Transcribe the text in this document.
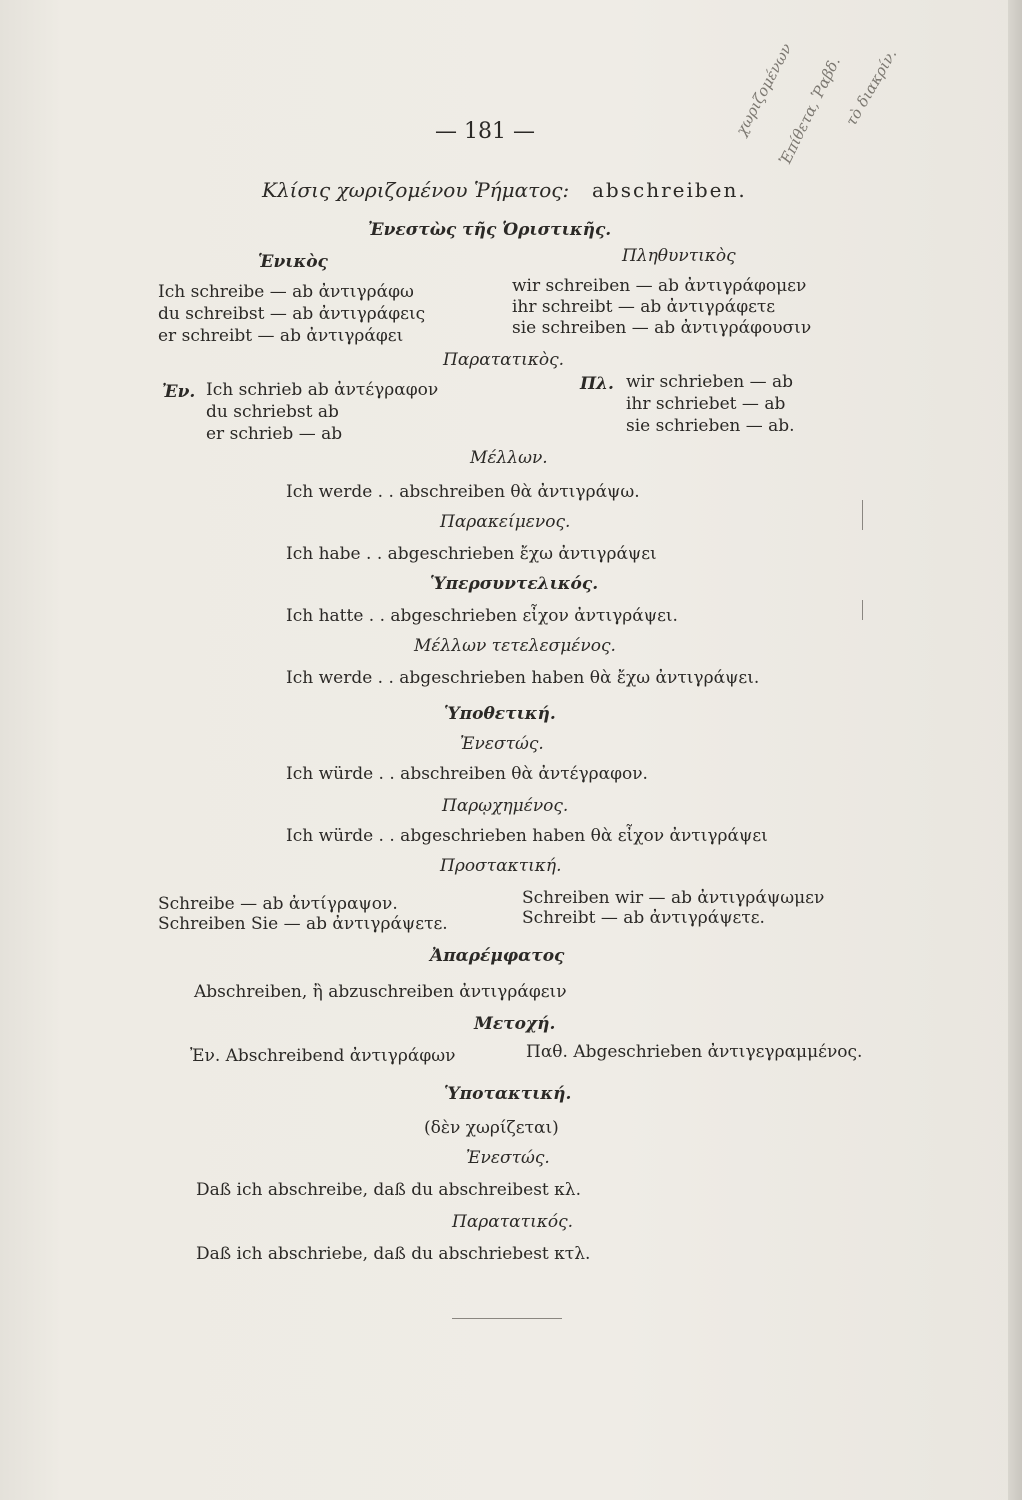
— 181 —
Κλίσις χωριζομένου Ῥήματος: abschreiben.
Ἐνεστὼς τῆς Ὁριστικῆς.
Ἑνικὸς	Πληθυντικὸς
Ich schreibe — ab ἀντιγράφω
du schreibst — ab ἀντιγράφεις
er schreibt — ab ἀντιγράφει
wir schreiben — ab ἀντιγράφομεν
ihr schreibt — ab ἀντιγράφετε
sie schreiben — ab ἀντιγράφουσιν
Παρατατικὸς.
Ἐν. Ich schrieb ab ἀντέγραφον
du schriebst ab
er schrieb — ab
Πλ. wir schrieben — ab
ihr schriebet — ab
sie schrieben — ab.
Μέλλων.
Ich werde . . abschreiben θὰ ἀντιγράψω.
Παρακείμενος.
Ich habe . . abgeschrieben ἔχω ἀντιγράψει
Ὑπερσυντελικός.
Ich hatte . . abgeschrieben εἶχον ἀντιγράψει.
Μέλλων τετελεσμένος.
Ich werde . . abgeschrieben haben θὰ ἔχω ἀντιγράψει.
Ὑποθετική.
Ἐνεστώς.
Ich würde . . abschreiben θὰ ἀντέγραφον.
Παρῳχημένος.
Ich würde . . abgeschrieben haben θὰ εἶχον ἀντιγράψει
Προστακτική.
Schreibe — ab ἀντίγραψον.
Schreiben Sie — ab ἀντιγράψετε.
Schreiben wir — ab ἀντιγράψωμεν
Schreibt — ab ἀντιγράψετε.
Ἀπαρέμφατος
Abschreiben, ἢ abzuschreiben ἀντιγράφειν
Μετοχή.
Ἐν. Abschreibend ἀντιγράφων	Παθ. Abgeschrieben ἀντιγεγραμμένος.
Ὑποτακτική.
(δὲν χωρίζεται)
Ἐνεστώς.
Daß ich abschreibe, daß du abschreibest κλ.
Παρατατικός.
Daß ich abschriebe, daß du abschriebest κτλ.
χωριζομένων
Ἐπίθετα, Ῥαβδ.
τὸ διακρίν.
